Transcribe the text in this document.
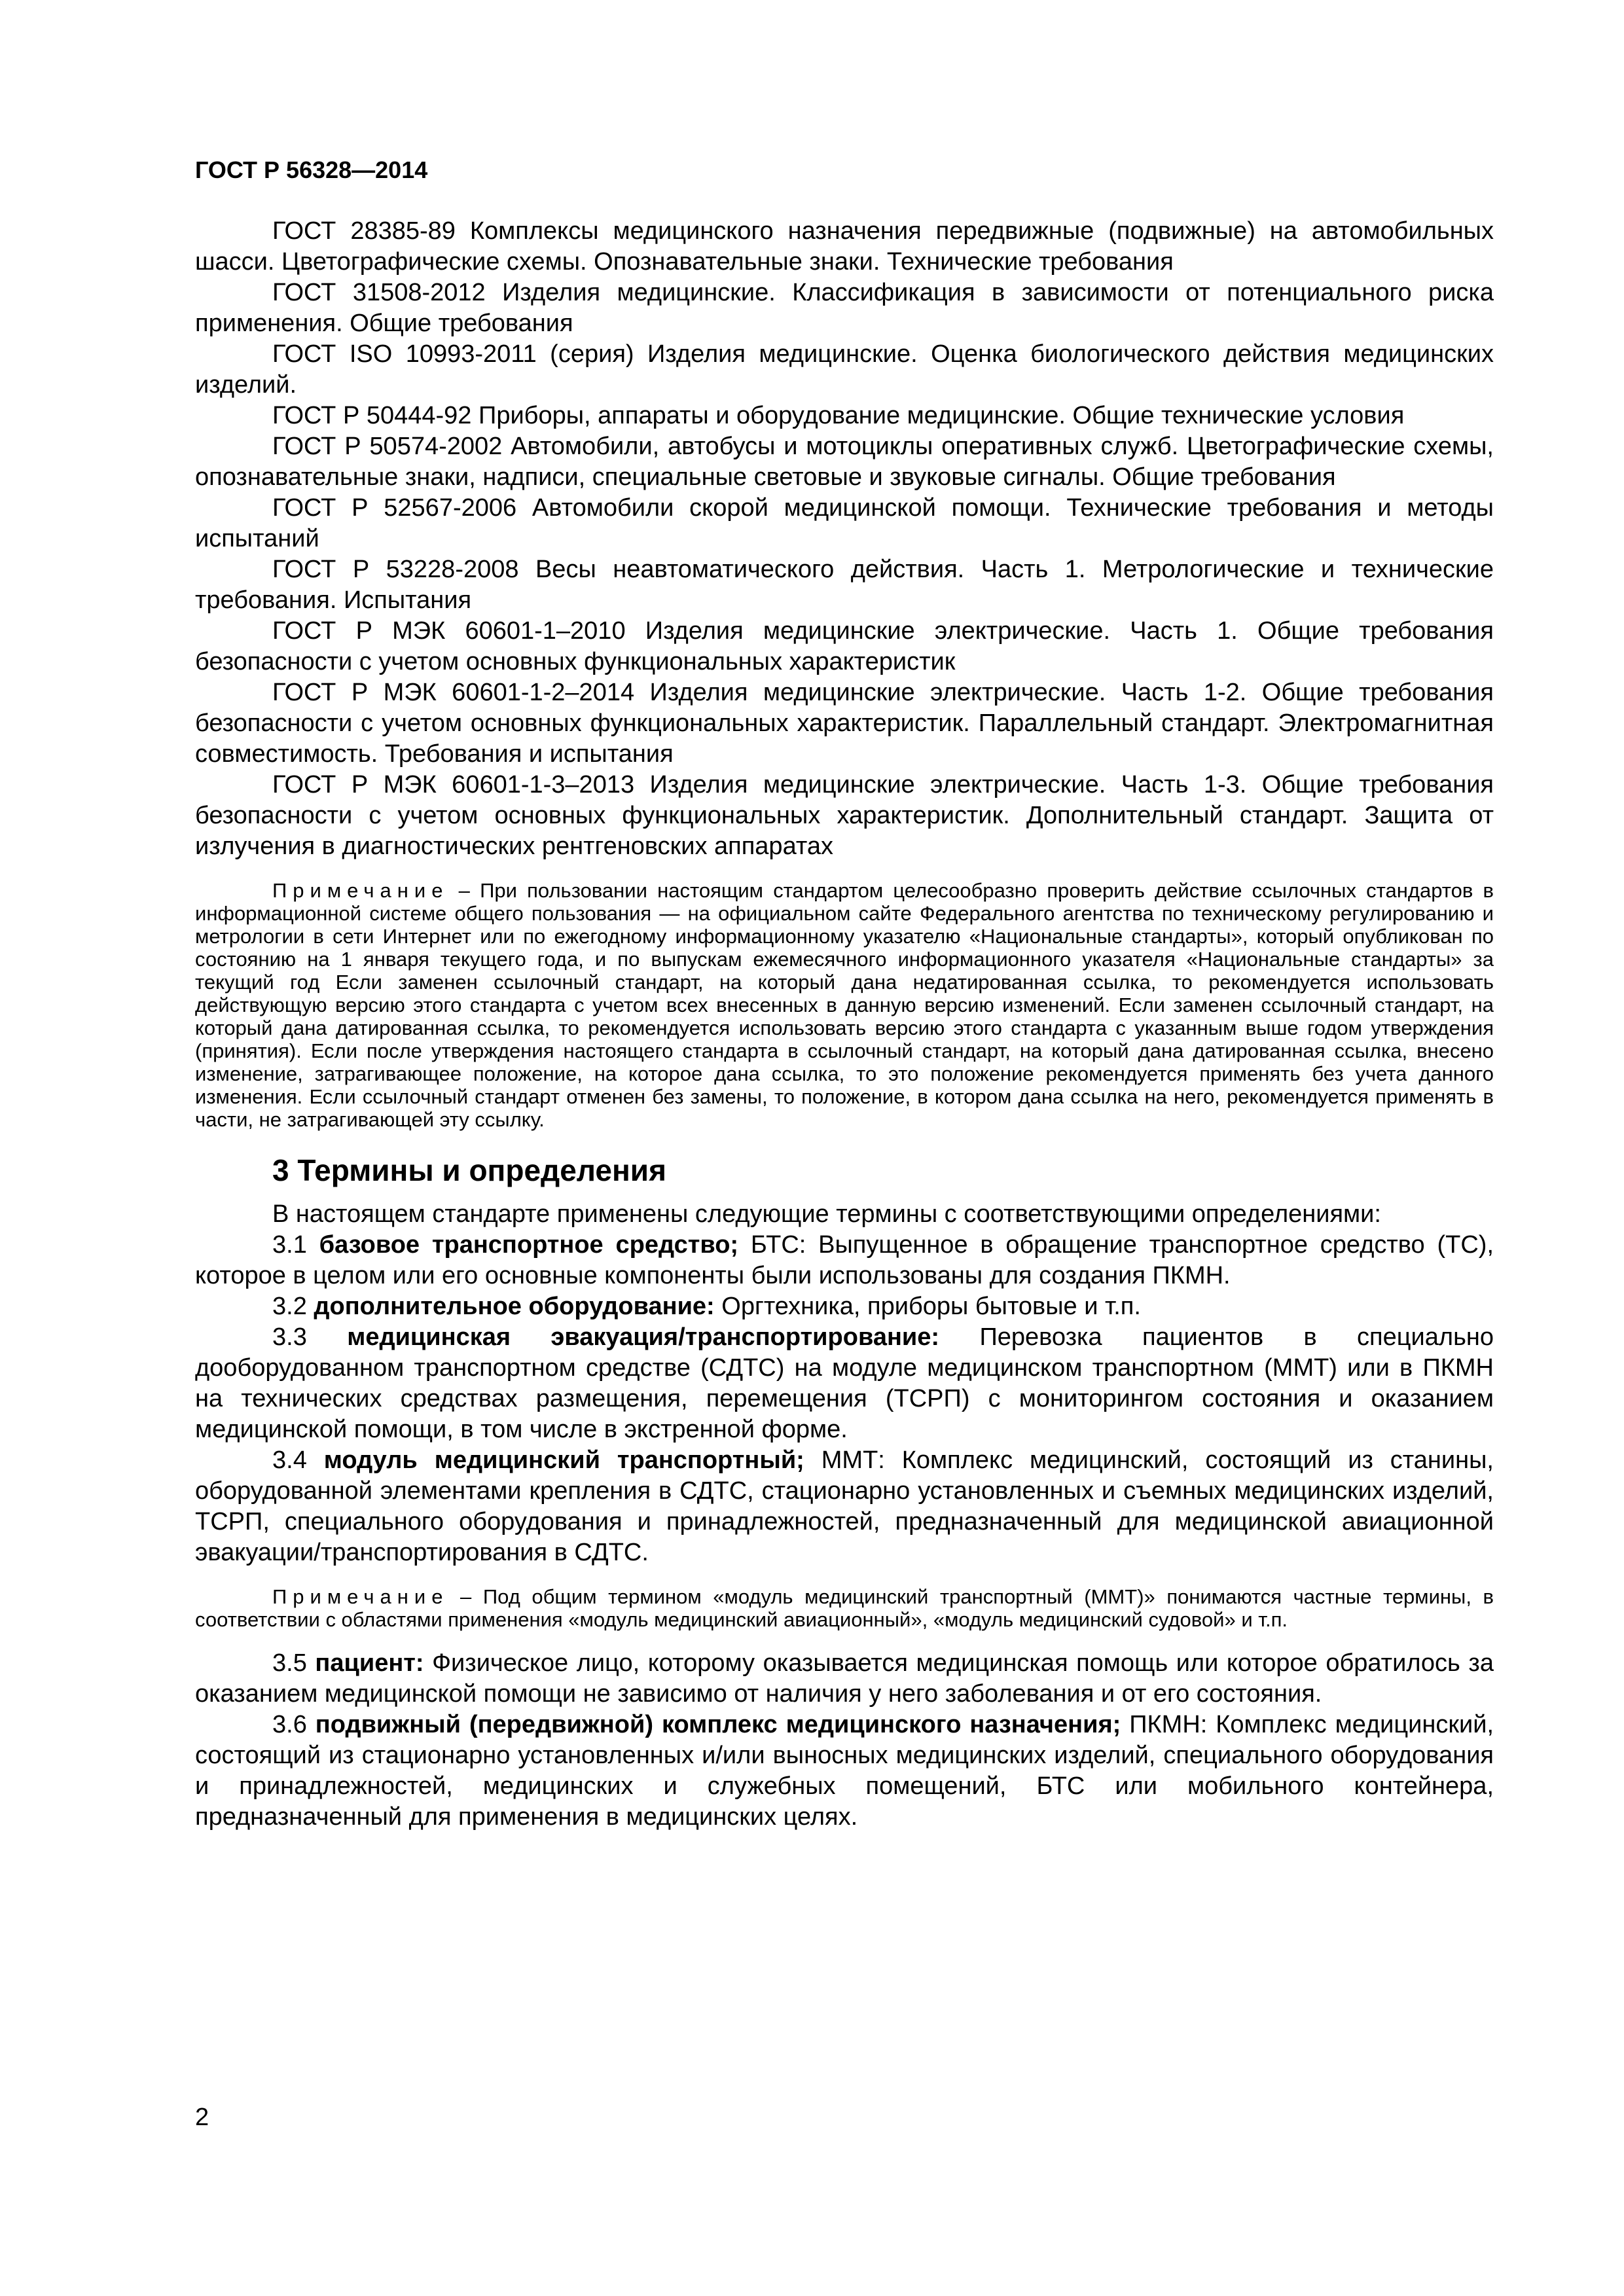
ГОСТ Р 56328—2014

ГОСТ 28385-89 Комплексы медицинского назначения передвижные (подвижные) на автомобильных шасси. Цветографические схемы. Опознавательные знаки. Технические требования

ГОСТ 31508-2012 Изделия медицинские. Классификация в зависимости от потенциального риска применения. Общие требования

ГОСТ ISO 10993-2011 (серия) Изделия медицинские. Оценка биологического действия медицинских изделий.

ГОСТ Р 50444-92 Приборы, аппараты и оборудование медицинские. Общие технические условия

ГОСТ Р 50574-2002 Автомобили, автобусы и мотоциклы оперативных служб. Цветографические схемы, опознавательные знаки, надписи, специальные световые и звуковые сигналы. Общие требования

ГОСТ Р 52567-2006 Автомобили скорой медицинской помощи. Технические требования и методы испытаний

ГОСТ Р 53228-2008 Весы неавтоматического действия. Часть 1. Метрологические и технические требования. Испытания

ГОСТ Р МЭК 60601-1–2010 Изделия медицинские электрические. Часть 1. Общие требования безопасности с учетом основных функциональных характеристик

ГОСТ Р МЭК 60601-1-2–2014 Изделия медицинские электрические. Часть 1-2. Общие требования безопасности с учетом основных функциональных характеристик. Параллельный стандарт. Электромагнитная совместимость. Требования и испытания

ГОСТ Р МЭК 60601-1-3–2013 Изделия медицинские электрические. Часть 1-3. Общие требования безопасности с учетом основных функциональных характеристик. Дополнительный стандарт. Защита от излучения в диагностических рентгеновских аппаратах

Примечание – При пользовании настоящим стандартом целесообразно проверить действие ссылочных стандартов в информационной системе общего пользования — на официальном сайте Федерального агентства по техническому регулированию и метрологии в сети Интернет или по ежегодному информационному указателю «Национальные стандарты», который опубликован по состоянию на 1 января текущего года, и по выпускам ежемесячного информационного указателя «Национальные стандарты» за текущий год Если заменен ссылочный стандарт, на который дана недатированная ссылка, то рекомендуется использовать действующую версию этого стандарта с учетом всех внесенных в данную версию изменений. Если заменен ссылочный стандарт, на который дана датированная ссылка, то рекомендуется использовать версию этого стандарта с указанным выше годом утверждения (принятия). Если после утверждения настоящего стандарта в ссылочный стандарт, на который дана датированная ссылка, внесено изменение, затрагивающее положение, на которое дана ссылка, то это положение рекомендуется применять без учета данного изменения. Если ссылочный стандарт отменен без замены, то положение, в котором дана ссылка на него, рекомендуется применять в части, не затрагивающей эту ссылку.

3 Термины и определения

В настоящем стандарте применены следующие термины с соответствующими определениями:

3.1 базовое транспортное средство; БТС: Выпущенное в обращение транспортное средство (ТС), которое в целом или его основные компоненты были использованы для создания ПКМН.

3.2 дополнительное оборудование: Оргтехника, приборы бытовые и т.п.

3.3 медицинская эвакуация/транспортирование: Перевозка пациентов в специально дооборудованном транспортном средстве (СДТС) на модуле медицинском транспортном (ММТ) или в ПКМН на технических средствах размещения, перемещения (ТСРП) с мониторингом состояния и оказанием медицинской помощи, в том числе в экстренной форме.

3.4 модуль медицинский транспортный; ММТ: Комплекс медицинский, состоящий из станины, оборудованной элементами крепления в СДТС, стационарно установленных и съемных медицинских изделий, ТСРП, специального оборудования и принадлежностей, предназначенный для медицинской авиационной эвакуации/транспортирования в СДТС.

Примечание – Под общим термином «модуль медицинский транспортный (ММТ)» понимаются частные термины, в соответствии с областями применения «модуль медицинский авиационный», «модуль медицинский судовой» и т.п.

3.5 пациент: Физическое лицо, которому оказывается медицинская помощь или которое обратилось за оказанием медицинской помощи не зависимо от наличия у него заболевания и от его состояния.

3.6 подвижный (передвижной) комплекс медицинского назначения; ПКМН: Комплекс медицинский, состоящий из стационарно установленных и/или выносных медицинских изделий, специального оборудования и принадлежностей, медицинских и служебных помещений, БТС или мобильного контейнера, предназначенный для применения в медицинских целях.

2
